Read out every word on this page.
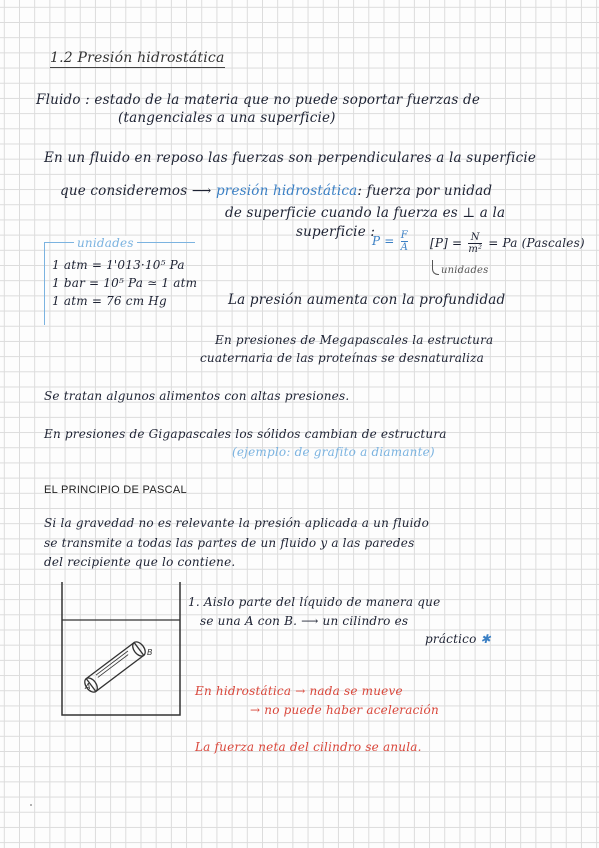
1.2 Presión hidrostática
Fluido : estado de la materia que no puede soportar fuerzas de
(tangenciales a una superficie)
En un fluido en reposo las fuerzas son perpendiculares a la superficie
que consideremos ⟶ presión hidrostática: fuerza por unidad
de superficie cuando la fuerza es ⊥ a la
superficie :
$P = \frac{F}{A} [P] = \frac{N}{\text{m²}} = Pa$ (Pascales)
unidades
unidades
1 atm = 1'013·10⁵ Pa
1 bar = 10⁵ Pa ≃ 1 atm
1 atm = 76 cm Hg	La presión aumenta con la profundidad
En presiones de Megapascales la estructura
cuaternaria de las proteínas se desnaturaliza
Se tratan algunos alimentos con altas presiones.
En presiones de Gigapascales los sólidos cambian de estructura
(ejemplo: de grafito a diamante)
EL PRINCIPIO DE PASCAL
Si la gravedad no es relevante la presión aplicada a un fluido
se transmite a todas las partes de un fluido y a las paredes
del recipiente que lo contiene.
A
B
1. Aislo parte del líquido de manera que
se una A con B. ⟶ un cilindro es
práctico ✱
En hidrostática → nada se mueve
→ no puede haber aceleración
La fuerza neta del cilindro se anula.
